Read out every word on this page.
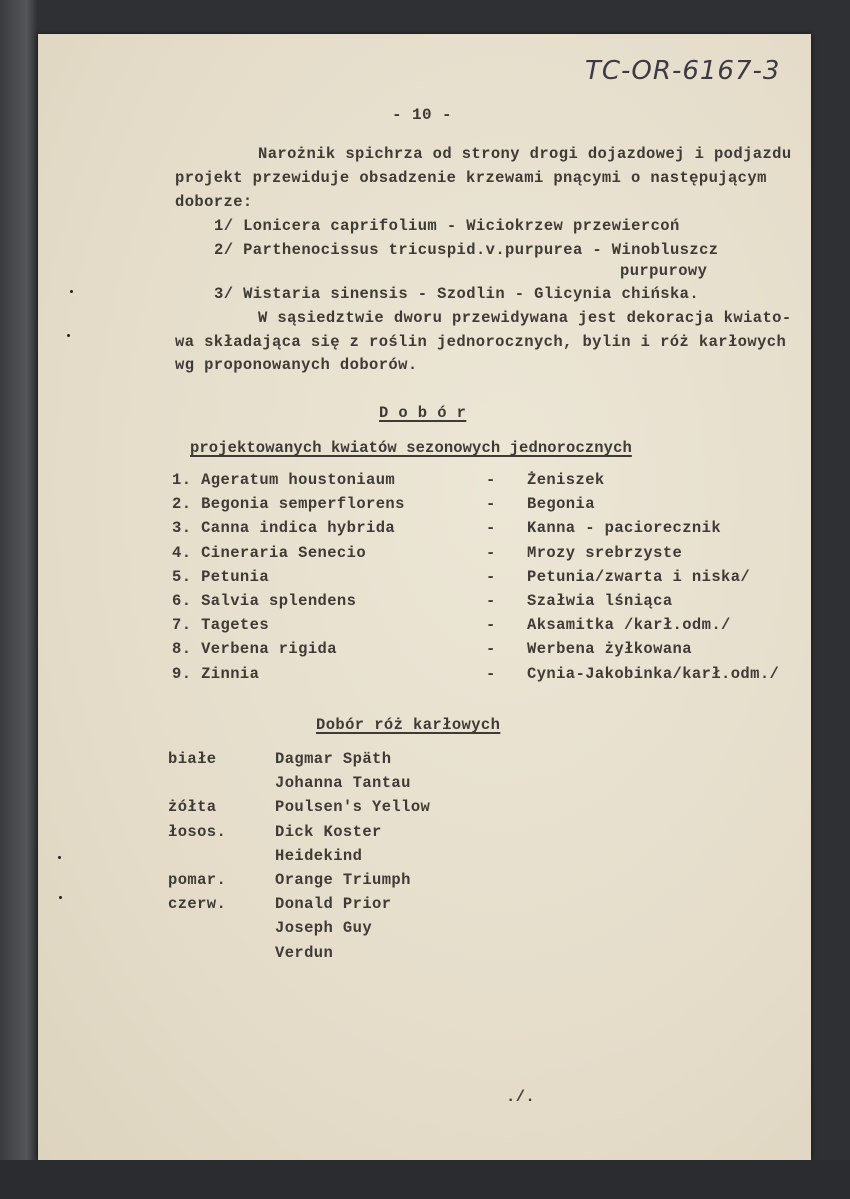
TC-OR-6167-3
- 10 -
Narożnik spichrza od strony drogi dojazdowej i podjazdu
projekt przewiduje obsadzenie krzewami pnącymi o następującym
doborze:
1/ Lonicera caprifolium - Wiciokrzew przewiercoń
2/ Parthenocissus tricuspid.v.purpurea - Winobluszcz
purpurowy
3/ Wistaria sinensis - Szodlin - Glicynia chińska.
W sąsiedztwie dworu przewidywana jest dekoracja kwiato-
wa składająca się z roślin jednorocznych, bylin i róż karłowych
wg proponowanych doborów.
D o b ó r
projektowanych kwiatów sezonowych jednorocznych
1. Ageratum houstoniaum	- Żeniszek
2. Begonia semperflorens	- Begonia
3. Canna indica hybrida	- Kanna - paciorecznik
4. Cineraria Senecio	- Mrozy srebrzyste
5. Petunia	- Petunia/zwarta i niska/
6. Salvia splendens	- Szałwia lśniąca
7. Tagetes	- Aksamitka /karł.odm./
8. Verbena rigida	- Werbena żyłkowana
9. Zinnia	- Cynia-Jakobinka/karł.odm./
Dobór róż karłowych
białe	Dagmar Späth
Johanna Tantau
żółta	Poulsen's Yellow
łosos.	Dick Koster
Heidekind
pomar.	Orange Triumph
czerw.	Donald Prior
Joseph Guy
Verdun
./.
